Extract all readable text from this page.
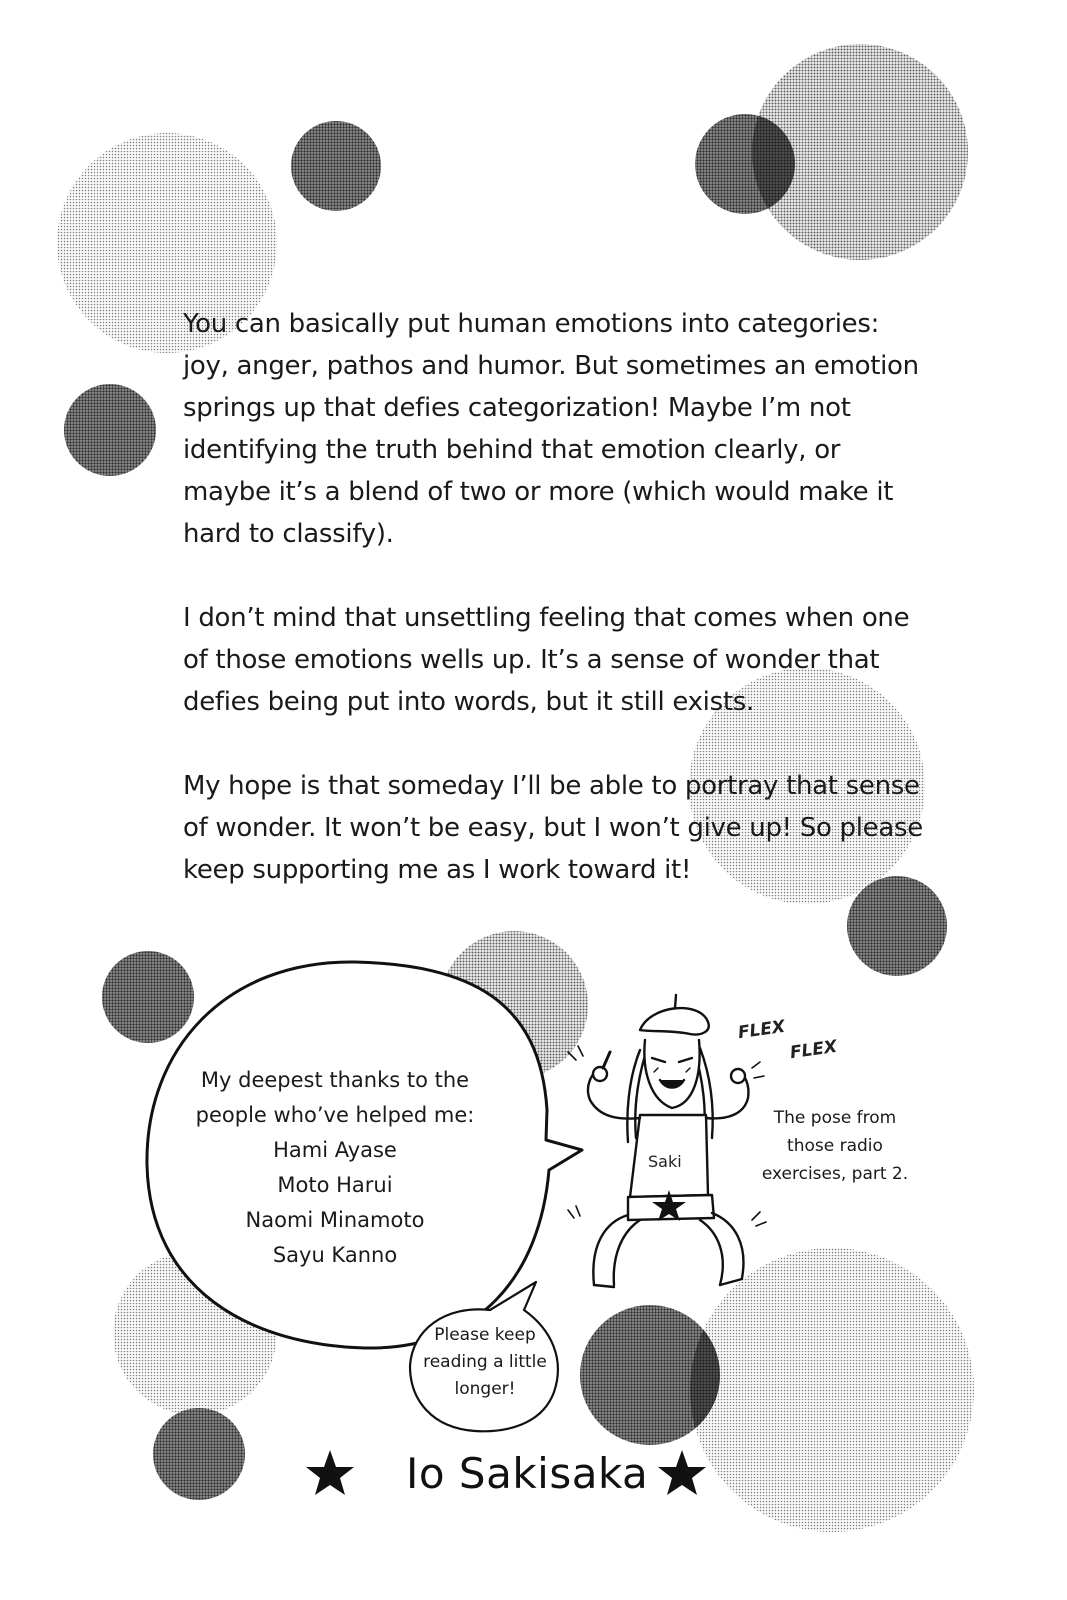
You can basically put human emotions into categories: joy, anger, pathos and humor. But sometimes an emotion springs up that defies categorization! Maybe I’m not identifying the truth behind that emotion clearly, or maybe it’s a blend of two or more (which would make it hard to classify).

I don’t mind that unsettling feeling that comes when one of those emotions wells up. It’s a sense of wonder that defies being put into words, but it still exists.

My hope is that someday I’ll be able to portray that sense of wonder. It won’t be easy, but I won’t give up! So please keep supporting me as I work toward it!

My deepest thanks to the
people who’ve helped me:
Hami Ayase
Moto Harui
Naomi Minamoto
Sayu Kanno
Please keep
reading a little
longer!
FLEX
FLEX
Saki
The pose from
those radio
exercises, part 2.
Io Sakisaka
